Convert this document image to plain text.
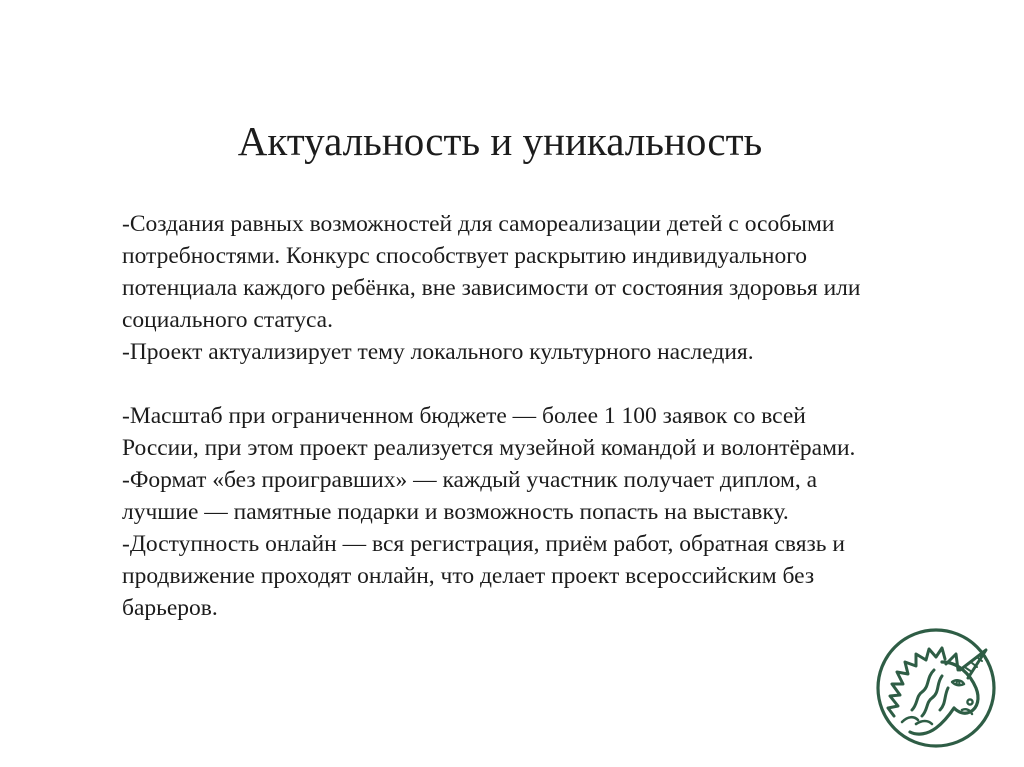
Актуальность и уникальность

-Создания равных возможностей для самореализации детей с особыми потребностями. Конкурс способствует раскрытию индивидуального потенциала каждого ребёнка, вне зависимости от состояния здоровья или социального статуса.

-Проект актуализирует тему локального культурного наследия.

-Масштаб при ограниченном бюджете — более 1 100 заявок со всей России, при этом проект реализуется музейной командой и волонтёрами.

-Формат «без проигравших» — каждый участник получает диплом, а лучшие — памятные подарки и возможность попасть на выставку.

-Доступность онлайн — вся регистрация, приём работ, обратная связь и продвижение проходят онлайн, что делает проект всероссийским без барьеров.
